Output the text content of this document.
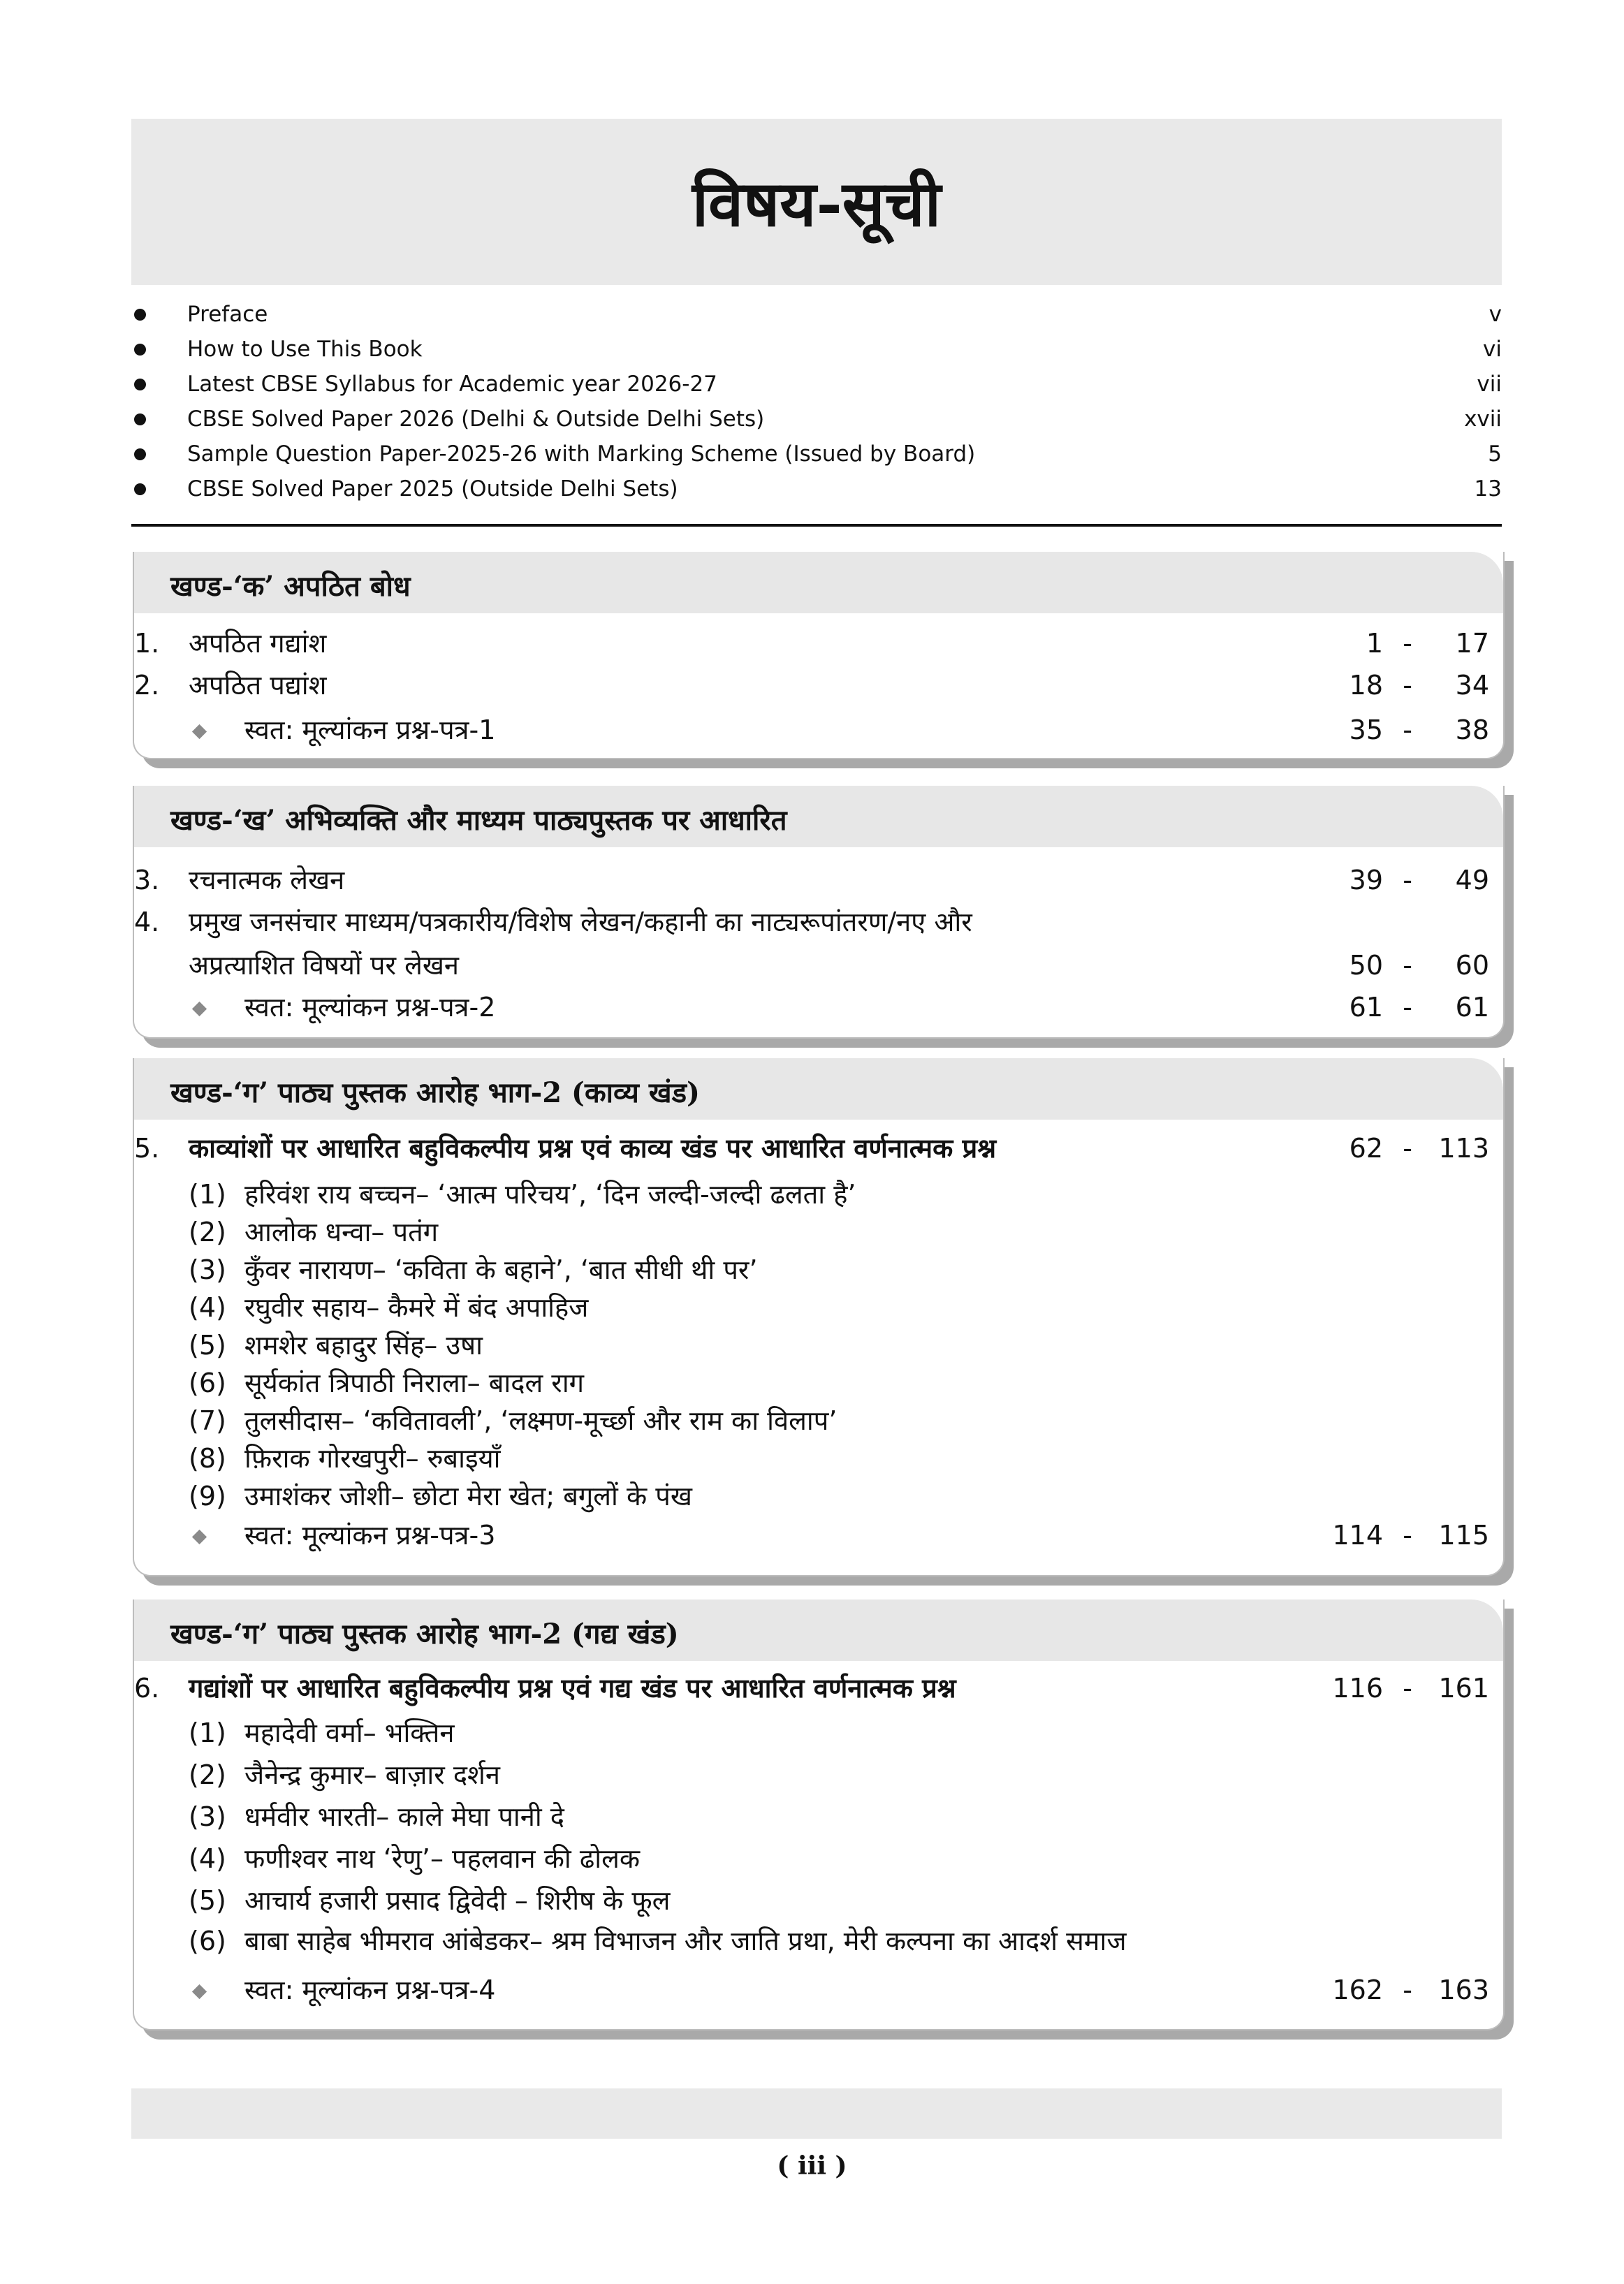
विषय-सूची
Preface	v
How to Use This Book	vi
Latest CBSE Syllabus for Academic year 2026-27	vii
CBSE Solved Paper 2026 (Delhi & Outside Delhi Sets)	xvii
Sample Question Paper-2025-26 with Marking Scheme (Issued by Board)	5
CBSE Solved Paper 2025 (Outside Delhi Sets)	13
खण्ड-‘क’ अपठित बोध
1. अपठित गद्यांश	1 - 17
2. अपठित पद्यांश	18 - 34
स्वत: मूल्यांकन प्रश्न-पत्र-1	35 - 38
खण्ड-‘ख’ अभिव्यक्ति और माध्यम पाठ्यपुस्तक पर आधारित
3. रचनात्मक लेखन	39 - 49
4. प्रमुख जनसंचार माध्यम/पत्रकारीय/विशेष लेखन/कहानी का नाट्यरूपांतरण/नए और
अप्रत्याशित विषयों पर लेखन	50 - 60
स्वत: मूल्यांकन प्रश्न-पत्र-2	61 - 61
खण्ड-‘ग’ पाठ्य पुस्तक आरोह भाग-2 (काव्य खंड)
5. काव्यांशों पर आधारित बहुविकल्पीय प्रश्न एवं काव्य खंड पर आधारित वर्णनात्मक प्रश्न	62 - 113
(1) हरिवंश राय बच्चन– ‘आत्म परिचय’, ‘दिन जल्दी-जल्दी ढलता है’
(2) आलोक धन्वा– पतंग
(3) कुँवर नारायण– ‘कविता के बहाने’, ‘बात सीधी थी पर’
(4) रघुवीर सहाय– कैमरे में बंद अपाहिज
(5) शमशेर बहादुर सिंह– उषा
(6) सूर्यकांत त्रिपाठी निराला– बादल राग
(7) तुलसीदास– ‘कवितावली’, ‘लक्ष्मण-मूर्च्छा और राम का विलाप’
(8) फ़िराक गोरखपुरी– रुबाइयाँ
(9) उमाशंकर जोशी– छोटा मेरा खेत; बगुलों के पंख
स्वत: मूल्यांकन प्रश्न-पत्र-3	114 - 115
खण्ड-‘ग’ पाठ्य पुस्तक आरोह भाग-2 (गद्य खंड)
6. गद्यांशों पर आधारित बहुविकल्पीय प्रश्न एवं गद्य खंड पर आधारित वर्णनात्मक प्रश्न	116 - 161
(1) महादेवी वर्मा– भक्तिन
(2) जैनेन्द्र कुमार– बाज़ार दर्शन
(3) धर्मवीर भारती– काले मेघा पानी दे
(4) फणीश्वर नाथ ‘रेणु’– पहलवान की ढोलक
(5) आचार्य हजारी प्रसाद द्विवेदी – शिरीष के फूल
(6) बाबा साहेब भीमराव आंबेडकर– श्रम विभाजन और जाति प्रथा, मेरी कल्पना का आदर्श समाज
स्वत: मूल्यांकन प्रश्न-पत्र-4	162 - 163
( iii )
